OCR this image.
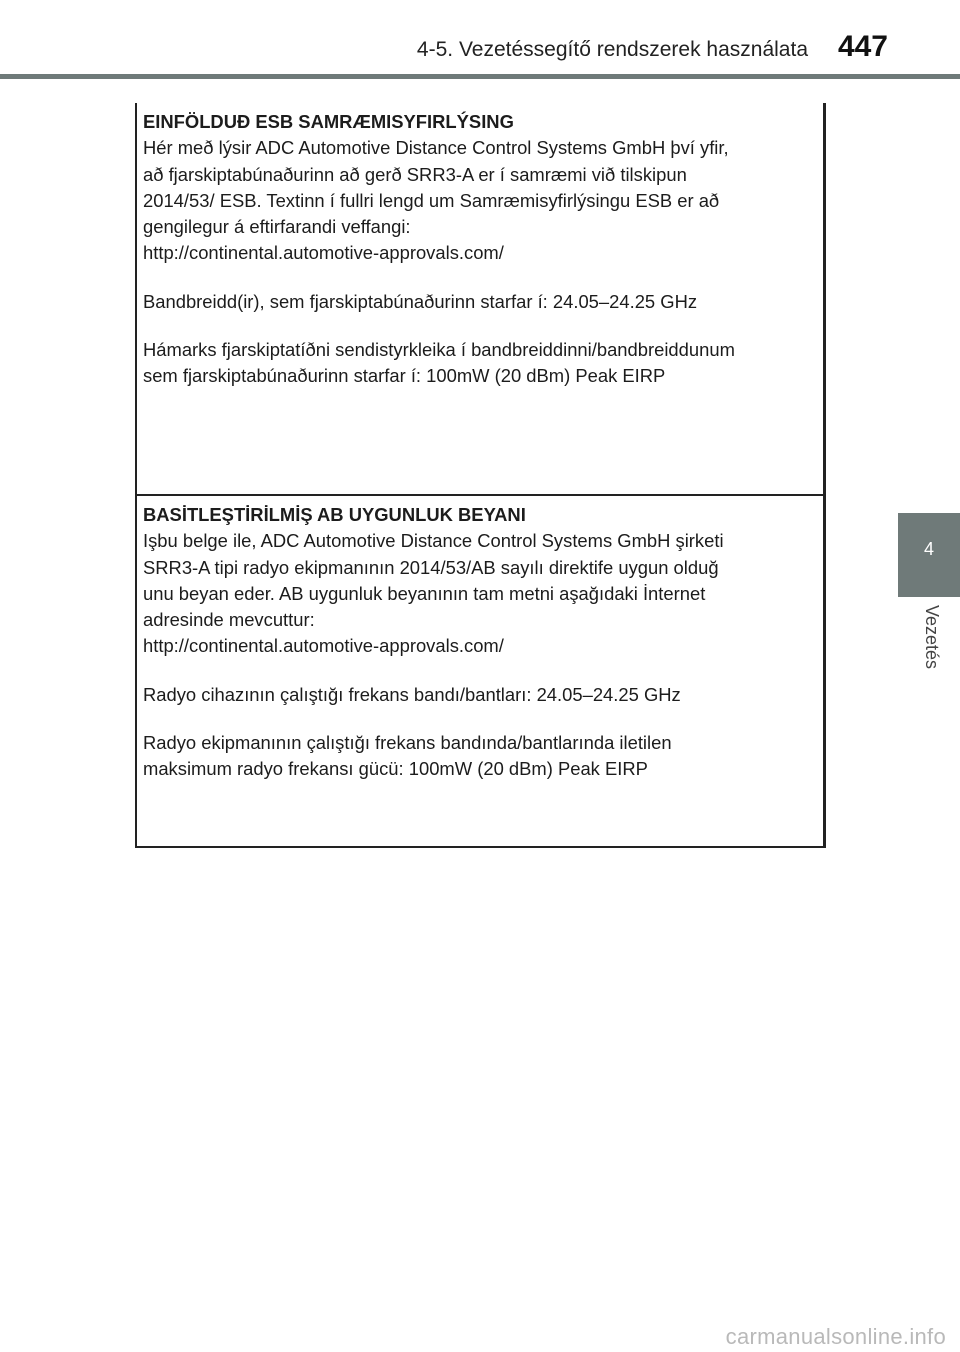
4-5. Vezetéssegítő rendszerek használata 447
4
Vezetés

EINFÖLDUÐ ESB SAMRÆMISYFIRLÝSING

Hér með lýsir ADC Automotive Distance Control Systems GmbH því yfir,
að fjarskiptabúnaðurinn að gerð SRR3-A er í samræmi við tilskipun
2014/53/ ESB. Textinn í fullri lengd um Samræmisyfirlýsingu ESB er að
gengilegur á eftirfarandi veffangi:
http://continental.automotive-approvals.com/

Bandbreidd(ir), sem fjarskiptabúnaðurinn starfar í: 24.05–24.25 GHz

Hámarks fjarskiptatíðni sendistyrkleika í bandbreiddinni/bandbreiddunum
sem fjarskiptabúnaðurinn starfar í: 100mW (20 dBm) Peak EIRP

BASİTLEŞTİRİLMİŞ AB UYGUNLUK BEYANI

Işbu belge ile, ADC Automotive Distance Control Systems GmbH şirketi
SRR3-A tipi radyo ekipmanının 2014/53/AB sayılı direktife uygun olduğ
unu beyan eder. AB uygunluk beyanının tam metni aşağıdaki İnternet
adresinde mevcuttur:
http://continental.automotive-approvals.com/

Radyo cihazının çalıştığı frekans bandı/bantları: 24.05–24.25 GHz

Radyo ekipmanının çalıştığı frekans bandında/bantlarında iletilen
maksimum radyo frekansı gücü: 100mW (20 dBm) Peak EIRP

carmanualsonline.info
